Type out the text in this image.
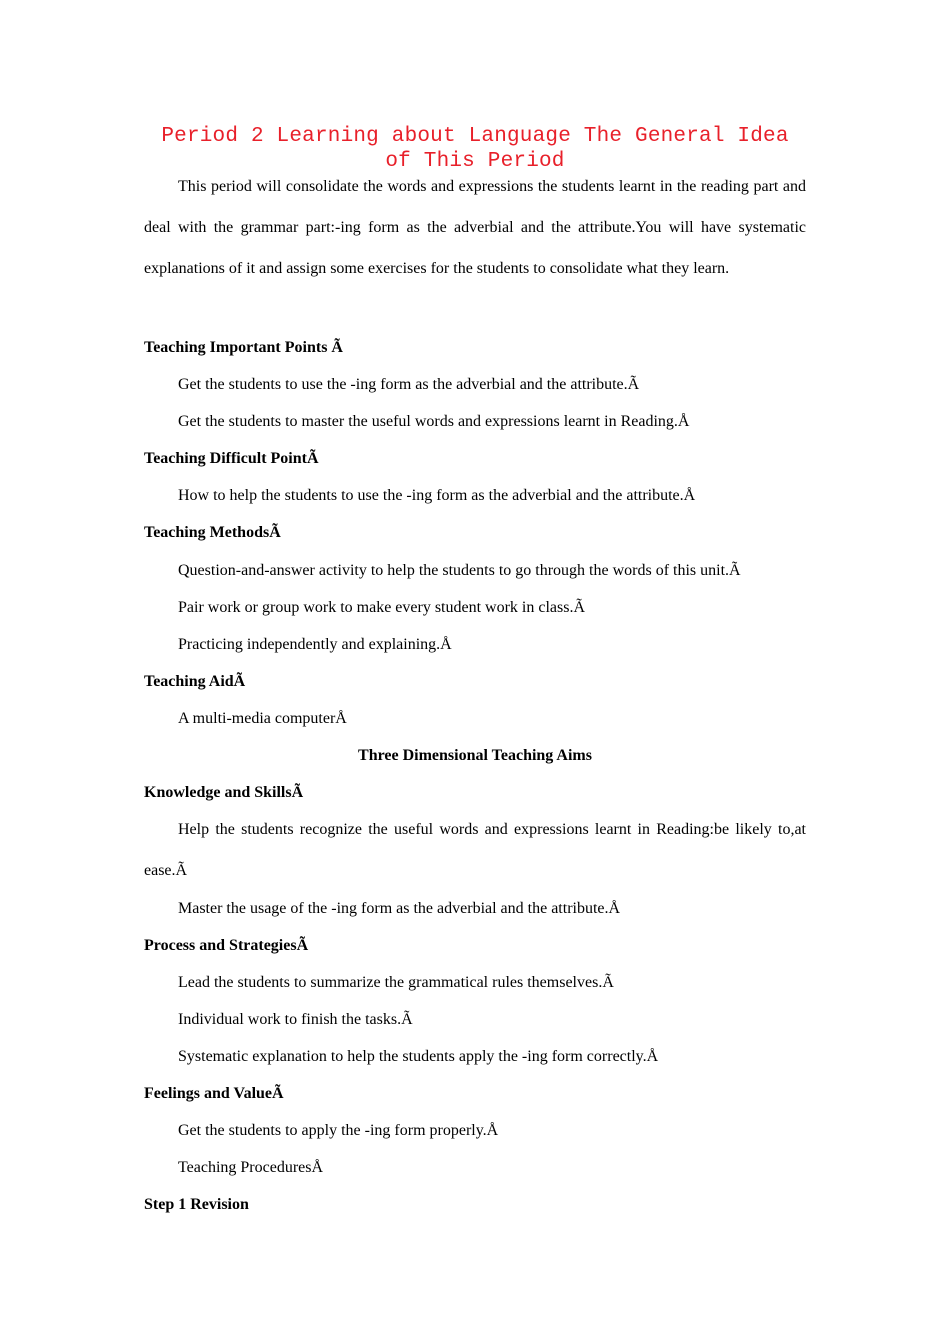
Period 2 Learning about Language The General Idea of This Period
This period will consolidate the words and expressions the students learnt in the reading part and deal with the grammar part:-ing form as the adverbial and the attribute.You will have systematic explanations of it and assign some exercises for the students to consolidate what they learn.
Teaching Important Points Ã
Get the students to use the -ing form as the adverbial and the attribute.Ã
Get the students to master the useful words and expressions learnt in Reading.Å
Teaching Difficult PointÃ
How to help the students to use the -ing form as the adverbial and the attribute.Å
Teaching MethodsÃ
Question-and-answer activity to help the students to go through the words of this unit.Ã
Pair work or group work to make every student work in class.Ã
Practicing independently and explaining.Å
Teaching AidÃ
A multi-media computerÅ
Three Dimensional Teaching Aims
Knowledge and SkillsÃ
Help the students recognize the useful words and expressions learnt in Reading:be likely to,at ease.Ã
Master the usage of the -ing form as the adverbial and the attribute.Å
Process and StrategiesÃ
Lead the students to summarize the grammatical rules themselves.Ã
Individual work to finish the tasks.Ã
Systematic explanation to help the students apply the -ing form correctly.Å
Feelings and ValueÃ
Get the students to apply the -ing form properly.Å
Teaching ProceduresÅ
Step 1 Revision
